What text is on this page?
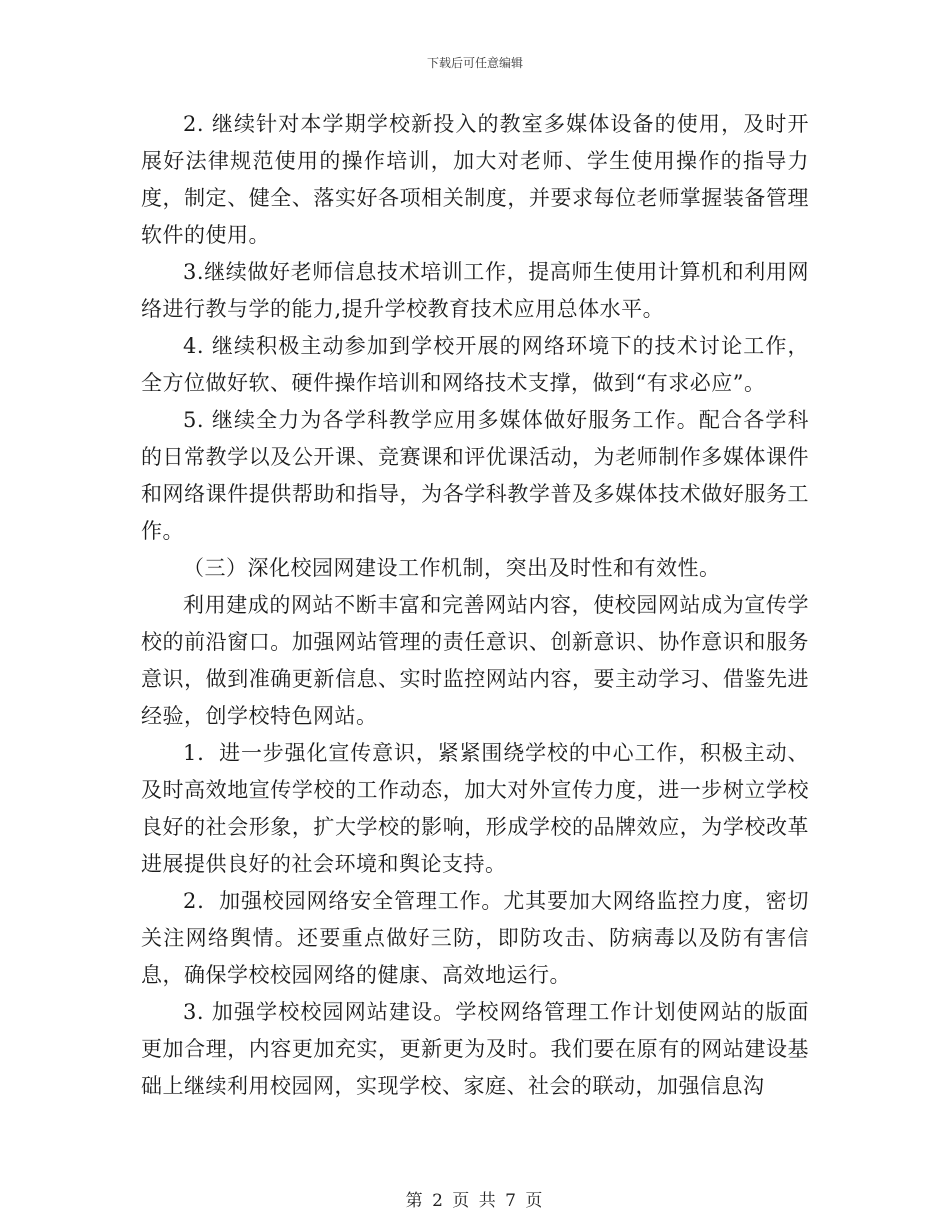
下载后可任意编辑

2. 继续针对本学期学校新投入的教室多媒体设备的使用，及时开展好法律规范使用的操作培训，加大对老师、学生使用操作的指导力度，制定、健全、落实好各项相关制度，并要求每位老师掌握装备管理软件的使用。

3.继续做好老师信息技术培训工作，提高师生使用计算机和利用网络进行教与学的能力,提升学校教育技术应用总体水平。

4. 继续积极主动参加到学校开展的网络环境下的技术讨论工作，全方位做好软、硬件操作培训和网络技术支撑，做到“有求必应”。

5. 继续全力为各学科教学应用多媒体做好服务工作。配合各学科的日常教学以及公开课、竞赛课和评优课活动，为老师制作多媒体课件和网络课件提供帮助和指导，为各学科教学普及多媒体技术做好服务工作。

（三）深化校园网建设工作机制，突出及时性和有效性。

利用建成的网站不断丰富和完善网站内容，使校园网站成为宣传学校的前沿窗口。加强网站管理的责任意识、创新意识、协作意识和服务意识，做到准确更新信息、实时监控网站内容，要主动学习、借鉴先进经验，创学校特色网站。

1．进一步强化宣传意识，紧紧围绕学校的中心工作，积极主动、及时高效地宣传学校的工作动态，加大对外宣传力度，进一步树立学校良好的社会形象，扩大学校的影响，形成学校的品牌效应，为学校改革进展提供良好的社会环境和舆论支持。

2．加强校园网络安全管理工作。尤其要加大网络监控力度，密切关注网络舆情。还要重点做好三防，即防攻击、防病毒以及防有害信息，确保学校校园网络的健康、高效地运行。

3. 加强学校校园网站建设。学校网络管理工作计划使网站的版面更加合理，内容更加充实，更新更为及时。我们要在原有的网站建设基础上继续利用校园网，实现学校、家庭、社会的联动，加强信息沟

第 2 页 共 7 页
